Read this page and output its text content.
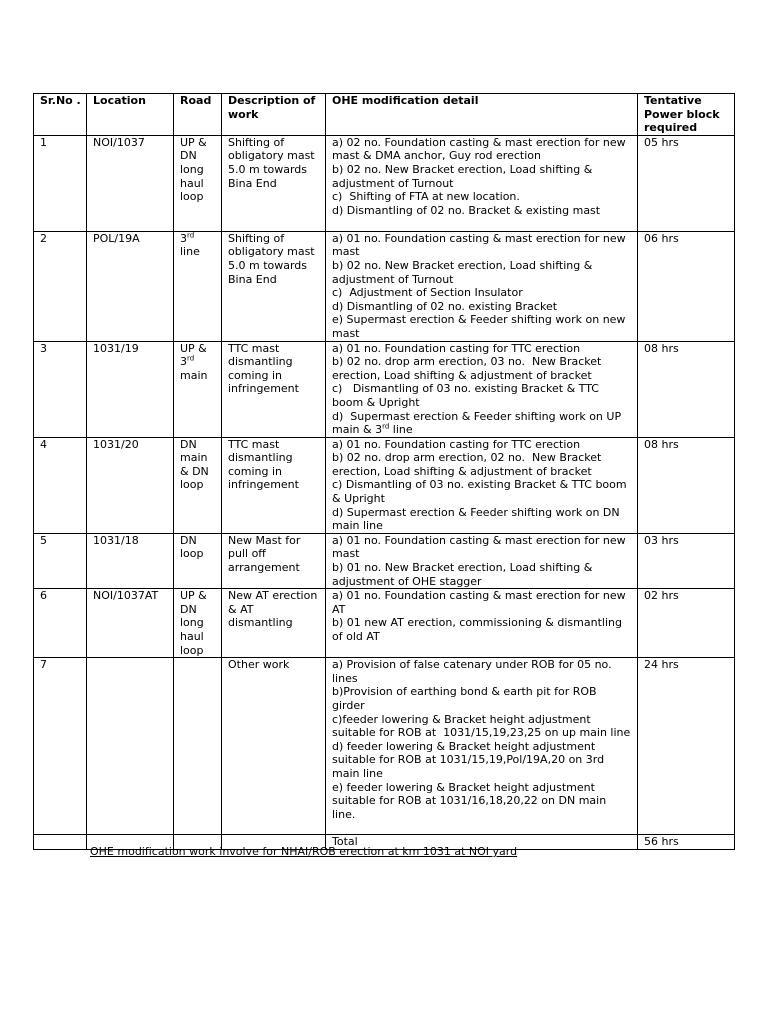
Sr.No .	Location	Road	Description of work	OHE modification detail	Tentative Power block required
1	NOI/1037	UP & DN long haul loop	Shifting of obligatory mast 5.0 m towards Bina End	a) 02 no. Foundation casting & mast erection for new mast & DMA anchor, Guy rod erection
b) 02 no. New Bracket erection, Load shifting & adjustment of Turnout
c)  Shifting of FTA at new location.
d) Dismantling of 02 no. Bracket & existing mast	05 hrs
2	POL/19A	3rd line	Shifting of obligatory mast 5.0 m towards Bina End	a) 01 no. Foundation casting & mast erection for new mast
b) 02 no. New Bracket erection, Load shifting & adjustment of Turnout
c)  Adjustment of Section Insulator
d) Dismantling of 02 no. existing Bracket
e) Supermast erection & Feeder shifting work on new mast	06 hrs
3	1031/19	UP & 3rd main	TTC mast dismantling coming in infringement	a) 01 no. Foundation casting for TTC erection
b) 02 no. drop arm erection, 03 no.  New Bracket erection, Load shifting & adjustment of bracket
c)   Dismantling of 03 no. existing Bracket & TTC boom & Upright
d)  Supermast erection & Feeder shifting work on UP main & 3rd line	08 hrs
4	1031/20	DN main & DN loop	TTC mast dismantling coming in infringement	a) 01 no. Foundation casting for TTC erection
b) 02 no. drop arm erection, 02 no.  New Bracket erection, Load shifting & adjustment of bracket
c) Dismantling of 03 no. existing Bracket & TTC boom & Upright
d) Supermast erection & Feeder shifting work on DN main line	08 hrs
5	1031/18	DN loop	New Mast for pull off arrangement	a) 01 no. Foundation casting & mast erection for new mast
b) 01 no. New Bracket erection, Load shifting & adjustment of OHE stagger	03 hrs
6	NOI/1037AT	UP & DN long haul loop	New AT erection & AT dismantling	a) 01 no. Foundation casting & mast erection for new AT
b) 01 new AT erection, commissioning & dismantling of old AT	02 hrs
7			Other work	a) Provision of false catenary under ROB for 05 no. lines
b)Provision of earthing bond & earth pit for ROB girder
c)feeder lowering & Bracket height adjustment suitable for ROB at  1031/15,19,23,25 on up main line
d) feeder lowering & Bracket height adjustment suitable for ROB at 1031/15,19,Pol/19A,20 on 3rd main line
e) feeder lowering & Bracket height adjustment suitable for ROB at 1031/16,18,20,22 on DN main line.	24 hrs
				Total	56 hrs
OHE modification work involve for NHAI/ROB erection at km 1031 at NOI yard
